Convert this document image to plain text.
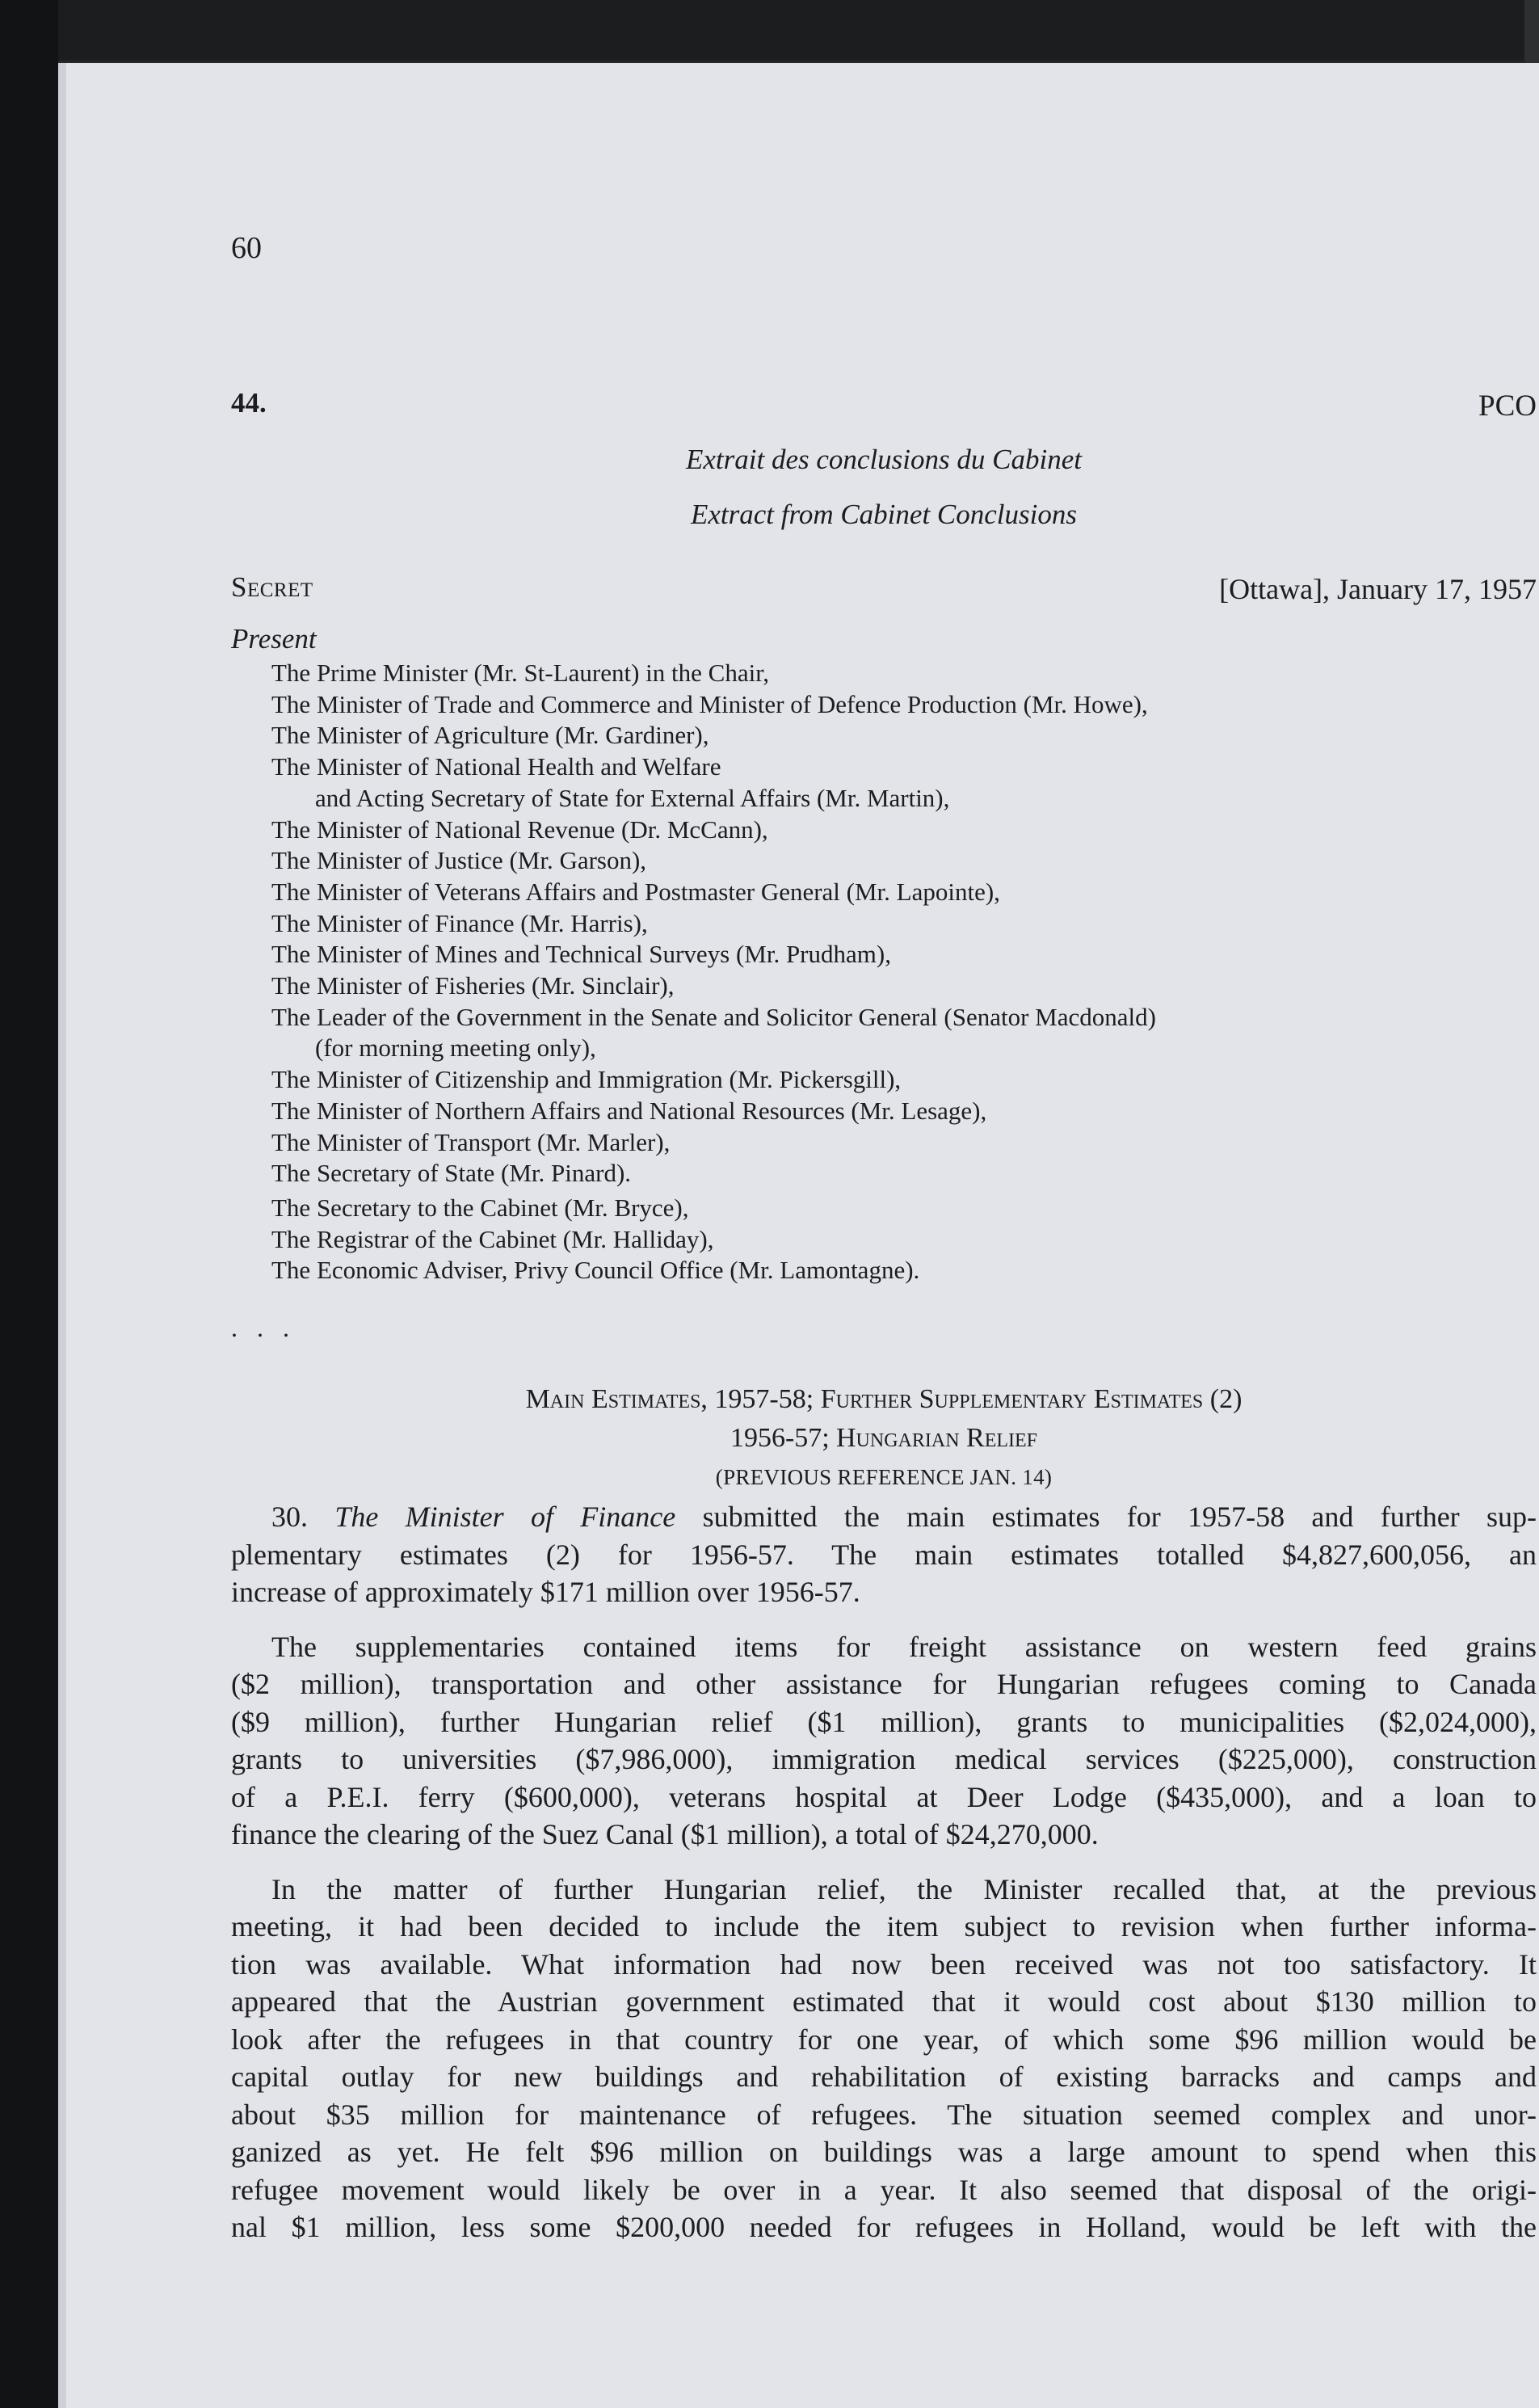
60
44.	PCO
Extrait des conclusions du Cabinet
Extract from Cabinet Conclusions
Secret	[Ottawa], January 17, 1957
Present
The Prime Minister (Mr. St-Laurent) in the Chair,
The Minister of Trade and Commerce and Minister of Defence Production (Mr. Howe),
The Minister of Agriculture (Mr. Gardiner),
The Minister of National Health and Welfare
and Acting Secretary of State for External Affairs (Mr. Martin),
The Minister of National Revenue (Dr. McCann),
The Minister of Justice (Mr. Garson),
The Minister of Veterans Affairs and Postmaster General (Mr. Lapointe),
The Minister of Finance (Mr. Harris),
The Minister of Mines and Technical Surveys (Mr. Prudham),
The Minister of Fisheries (Mr. Sinclair),
The Leader of the Government in the Senate and Solicitor General (Senator Macdonald)
(for morning meeting only),
The Minister of Citizenship and Immigration (Mr. Pickersgill),
The Minister of Northern Affairs and National Resources (Mr. Lesage),
The Minister of Transport (Mr. Marler),
The Secretary of State (Mr. Pinard).
The Secretary to the Cabinet (Mr. Bryce),
The Registrar of the Cabinet (Mr. Halliday),
The Economic Adviser, Privy Council Office (Mr. Lamontagne).
. . .
Main Estimates, 1957-58; Further Supplementary Estimates (2)
1956-57; Hungarian Relief
(PREVIOUS REFERENCE JAN. 14)

30. The Minister of Finance submitted the main estimates for 1957-58 and further sup-
plementary estimates (2) for 1956-57. The main estimates totalled $4,827,600,056, an
increase of approximately $171 million over 1956-57.

The supplementaries contained items for freight assistance on western feed grains
($2 million), transportation and other assistance for Hungarian refugees coming to Canada
($9 million), further Hungarian relief ($1 million), grants to municipalities ($2,024,000),
grants to universities ($7,986,000), immigration medical services ($225,000), construction
of a P.E.I. ferry ($600,000), veterans hospital at Deer Lodge ($435,000), and a loan to
finance the clearing of the Suez Canal ($1 million), a total of $24,270,000.

In the matter of further Hungarian relief, the Minister recalled that, at the previous
meeting, it had been decided to include the item subject to revision when further informa-
tion was available. What information had now been received was not too satisfactory. It
appeared that the Austrian government estimated that it would cost about $130 million to
look after the refugees in that country for one year, of which some $96 million would be
capital outlay for new buildings and rehabilitation of existing barracks and camps and
about $35 million for maintenance of refugees. The situation seemed complex and unor-
ganized as yet. He felt $96 million on buildings was a large amount to spend when this
refugee movement would likely be over in a year. It also seemed that disposal of the origi-
nal $1 million, less some $200,000 needed for refugees in Holland, would be left with the
